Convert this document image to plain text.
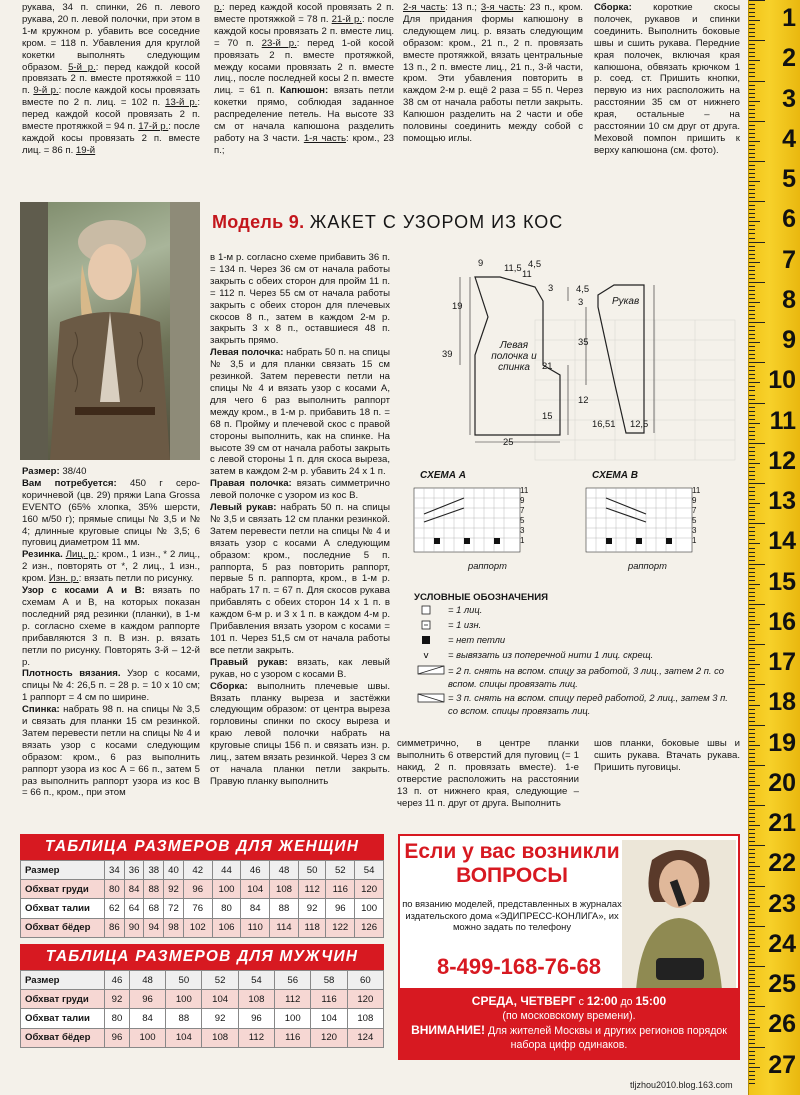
рукава, 34 п. спинки, 26 п. левого рукава, 20 п. левой полочки, при этом в 1-м кружном р. убавить все соседние кром. = 118 п. Убавления для круглой кокетки выполнять следующим образом. 5-й р.: перед каждой косой провязать 2 п. вместе протяжкой = 110 п. 9-й р.: после каждой косы провязать вместе по 2 п. лиц. = 102 п. 13-й р.: перед каждой косой провязать 2 п. вместе протяжкой = 94 п. 17-й р.: после каждой косы провязать 2 п. вместе лиц. = 86 п. 19-й
р.: перед каждой косой провязать 2 п. вместе протяжкой = 78 п. 21-й р.: после каждой косы провязать 2 п. вместе лиц. = 70 п. 23-й р.: перед 1-ой косой провязать 2 п. вместе протяжкой, между косами провязать 2 п. вместе лиц., после последней косы 2 п. вместе лиц. = 61 п. Капюшон: вязать петли кокетки прямо, соблюдая заданное распределение петель. На высоте 33 см от начала капюшона разделить работу на 3 части. 1-я часть: кром., 23 п.;
2-я часть: 13 п.; 3-я часть: 23 п., кром. Для придания формы капюшону в следующем лиц. р. вязать следующим образом: кром., 21 п., 2 п. провязать вместе протяжкой, вязать центральные 13 п., 2 п. вместе лиц., 21 п., 3-й части, кром. Эти убавления повторить в каждом 2-м р. ещё 2 раза = 55 п. Через 38 см от начала работы петли закрыть. Капюшон разделить на 2 части и обе половины соединить между собой с помощью иглы.
Сборка: короткие скосы полочек, рукавов и спинки соединить. Выполнить боковые швы и сшить рукава. Передние края полочек, включая края капюшона, обвязать крючком 1 р. соед. ст. Пришить кнопки, первую из них расположить на расстоянии 35 см от нижнего края, остальные – на расстоянии 10 см друг от друга. Меховой помпон пришить к верху капюшона (см. фото).
Модель 9. ЖАКЕТ С УЗОРОМ ИЗ КОС
Размер: 38/40
Вам потребуется: 450 г серо-коричневой (цв. 29) пряжи Lana Grossa EVENTO (65% хлопка, 35% шерсти, 160 м/50 г); прямые спицы № 3,5 и № 4; длинные круговые спицы № 3,5; 6 пуговиц диаметром 11 мм.
Резинка. Лиц. р.: кром., 1 изн., * 2 лиц., 2 изн., повторять от *, 2 лиц., 1 изн., кром. Изн. р.: вязать петли по рисунку.
Узор с косами А и В: вязать по схемам А и В, на которых показан последний ряд резинки (планки), в 1-м р. согласно схеме в каждом раппорте прибавляются 3 п. В изн. р. вязать петли по рисунку. Повторять 3-й – 12-й р.
Плотность вязания. Узор с косами, спицы № 4: 26,5 п. = 28 р. = 10 x 10 см; 1 раппорт = 4 см по ширине.
Спинка: набрать 98 п. на спицы № 3,5 и связать для планки 15 см резинкой. Затем перевести петли на спицы № 4 и вязать узор с косами следующим образом: кром., 6 раз выполнить раппорт узора из кос А = 66 п., затем 5 раз выполнить раппорт узора из кос В = 66 п., кром., при этом
в 1-м р. согласно схеме прибавить 36 п. = 134 п. Через 36 см от начала работы закрыть с обеих сторон для пройм 11 п. = 112 п. Через 55 см от начала работы закрыть с обеих сторон для плечевых скосов 8 п., затем в каждом 2-м р. закрыть 3 x 8 п., оставшиеся 48 п. закрыть прямо.
Левая полочка: набрать 50 п. на спицы № 3,5 и для планки связать 15 см резинкой. Затем перевести петли на спицы № 4 и вязать узор с косами А, для чего 6 раз выполнить раппорт между кром., в 1-м р. прибавить 18 п. = 68 п. Пройму и плечевой скос с правой стороны выполнить, как на спинке. На высоте 39 см от начала работы закрыть с левой стороны 1 п. для скоса выреза, затем в каждом 2-м р. убавить 24 x 1 п.
Правая полочка: вязать симметрично левой полочке с узором из кос В.
Левый рукав: набрать 50 п. на спицы № 3,5 и связать 12 см планки резинкой. Затем перевести петли на спицы № 4 и вязать узор с косами А следующим образом: кром., последние 5 п. раппорта, 5 раз повторить раппорт, первые 5 п. раппорта, кром., в 1-м р. набрать 17 п. = 67 п. Для скосов рукава прибавлять с обеих сторон 14 x 1 п. в каждом 6-м р. и 3 x 1 п. в каждом 4-м р. Прибавления вязать узором с косами = 101 п. Через 51,5 см от начала работы все петли закрыть.
Правый рукав: вязать, как левый рукав, но с узором с косами В.
Сборка: выполнить плечевые швы. Вязать планку выреза и застёжки следующим образом: от центра выреза горловины спинки по скосу выреза и краю левой полочки набрать на круговые спицы 156 п. и связать изн. р. лиц., затем вязать резинкой. Через 3 см от начала планки петли закрыть. Правую планку выполнить
9 11,5
11
4,5
3
19
39
21
15
25
Левая полочка и спинка
Рукав
4,5
3
35
12
16,51 12,5
СХЕМА А	СХЕМА В
11
9
7
5
3
1
11
9
7
5
3
1
раппорт	раппорт
УСЛОВНЫЕ ОБОЗНАЧЕНИЯ
v
= 1 лиц.
= 1 изн.
= нет петли
= вывязать из поперечной нити 1 лиц. скрещ.
= 2 п. снять на вспом. спицу за работой, 3 лиц., затем 2 п. со вспом. спицы провязать лиц.
= 3 п. снять на вспом. спицу перед работой, 2 лиц., затем 3 п. со вспом. спицы провязать лиц.
симметрично, в центре планки выполнить 6 отверстий для пуговиц (= 1 накид, 2 п. провязать вместе). 1-е отверстие расположить на расстоянии 13 п. от нижнего края, следующие – через 11 п. друг от друга. Выполнить
шов планки, боковые швы и сшить рукава. Втачать рукава. Пришить пуговицы.
ТАБЛИЦА РАЗМЕРОВ ДЛЯ ЖЕНЩИН
Размер	34	36	38	40	42	44	46	48	50	52	54
Обхват груди	80	84	88	92	96	100	104	108	112	116	120
Обхват талии	62	64	68	72	76	80	84	88	92	96	100
Обхват бёдер	86	90	94	98	102	106	110	114	118	122	126
ТАБЛИЦА РАЗМЕРОВ ДЛЯ МУЖЧИН
Размер	46	48	50	52	54	56	58	60
Обхват груди	92	96	100	104	108	112	116	120
Обхват талии	80	84	88	92	96	100	104	108
Обхват бёдер	96	100	104	108	112	116	120	124
Если у вас возникли
ВОПРОСЫ
по вязанию моделей, представленных в журналах издательского дома «ЭДИПРЕСС-КОНЛИГА», их можно задать по телефону
8-499-168-76-68
СРЕДА, ЧЕТВЕРГ с 12:00 до 15:00
(по московскому времени).
ВНИМАНИЕ! Для жителей Москвы и других регионов порядок набора цифр одинаков.
tljzhou2010.blog.163.com
1
2
3
4
5
6
7
8
9
10
11
12
13
14
15
16
17
18
19
20
21
22
23
24
25
26
27
